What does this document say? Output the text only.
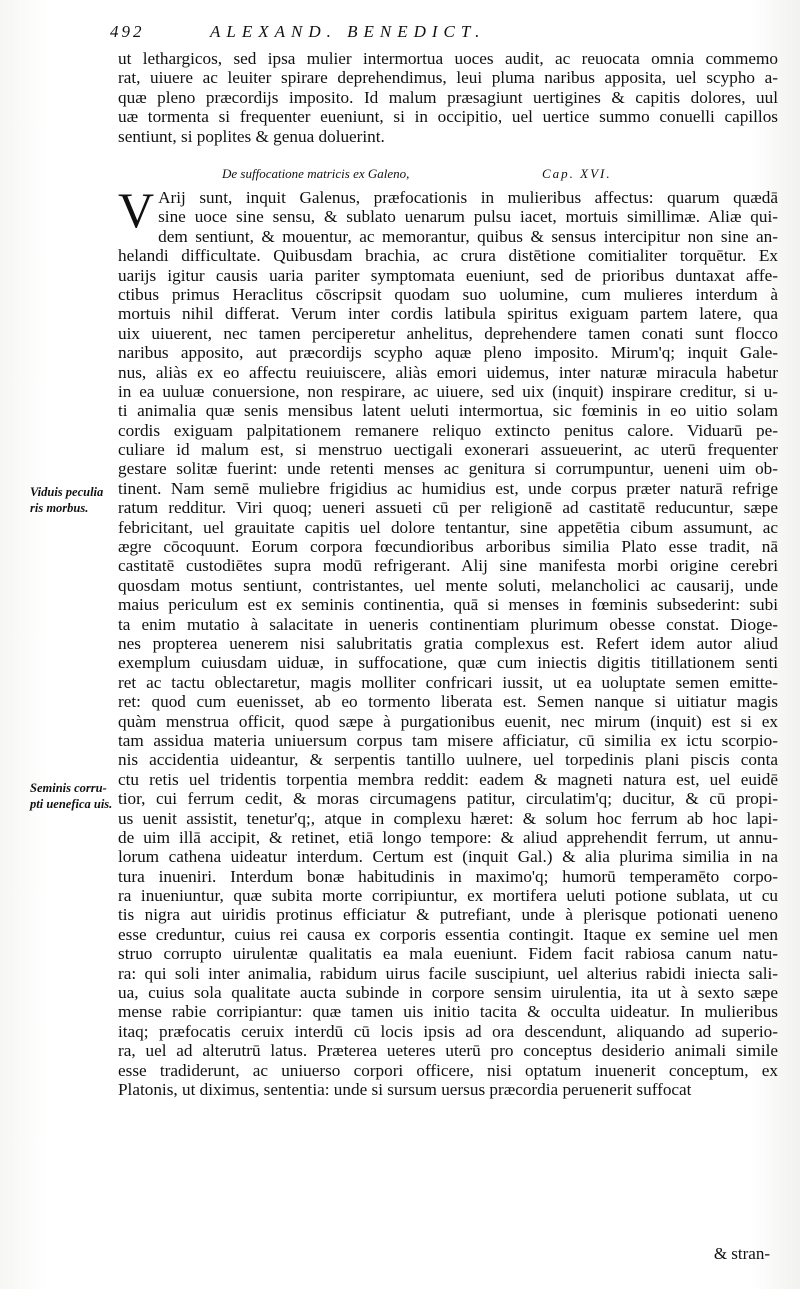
492	ALEXAND. BENEDICT.
ut lethargicos, sed ipsa mulier intermortua uoces audit, ac reuocata omnia commemo
rat, uiuere ac leuiter spirare deprehendimus, leui pluma naribus apposita, uel scypho a-
quæ pleno præcordijs imposito. Id malum præsagiunt uertigines & capitis dolores, uul
uæ tormenta si frequenter eueniunt, si in occipitio, uel uertice summo conuelli capillos
sentiunt, si poplites & genua doluerint.
De suffocatione matricis ex Galeno,	Cap. XVI.
V Arij sunt, inquit Galenus, præfocationis in mulieribus affectus: quarum quædā
sine uoce sine sensu, & sublato uenarum pulsu iacet, mortuis simillimæ. Aliæ qui-
dem sentiunt, & mouentur, ac memorantur, quibus & sensus intercipitur non sine an-
helandi difficultate. Quibusdam brachia, ac crura distētione comitialiter torquētur. Ex
uarijs igitur causis uaria pariter symptomata eueniunt, sed de prioribus duntaxat affe-
ctibus primus Heraclitus cōscripsit quodam suo uolumine, cum mulieres interdum à
mortuis nihil differat. Verum inter cordis latibula spiritus exiguam partem latere, qua
uix uiuerent, nec tamen perciperetur anhelitus, deprehendere tamen conati sunt flocco
naribus apposito, aut præcordijs scypho aquæ pleno imposito. Mirum'q; inquit Gale-
nus, aliàs ex eo affectu reuiuiscere, aliàs emori uidemus, inter naturæ miracula habetur
in ea uuluæ conuersione, non respirare, ac uiuere, sed uix (inquit) inspirare creditur, si u-
ti animalia quæ senis mensibus latent ueluti intermortua, sic fœminis in eo uitio solam
cordis exiguam palpitationem remanere reliquo extincto penitus calore. Viduarū pe-
culiare id malum est, si menstruo uectigali exonerari assueuerint, ac uterū frequenter
gestare solitæ fuerint: unde retenti menses ac genitura si corrumpuntur, ueneni uim ob-
tinent. Nam semē muliebre frigidius ac humidius est, unde corpus præter naturā refrige
ratum redditur. Viri quoq; ueneri assueti cū per religionē ad castitatē reducuntur, sæpe
febricitant, uel grauitate capitis uel dolore tentantur, sine appetētia cibum assumunt, ac
ægre cōcoquunt. Eorum corpora fœcundioribus arboribus similia Plato esse tradit, nā
castitatē custodiētes supra modū refrigerant. Alij sine manifesta morbi origine cerebri
quosdam motus sentiunt, contristantes, uel mente soluti, melancholici ac causarij, unde
maius periculum est ex seminis continentia, quā si menses in fœminis subsederint: subi
ta enim mutatio à salacitate in ueneris continentiam plurimum obesse constat. Dioge-
nes propterea uenerem nisi salubritatis gratia complexus est. Refert idem autor aliud
exemplum cuiusdam uiduæ, in suffocatione, quæ cum iniectis digitis titillationem senti
ret ac tactu oblectaretur, magis molliter confricari iussit, ut ea uoluptate semen emitte-
ret: quod cum euenisset, ab eo tormento liberata est. Semen nanque si uitiatur magis
quàm menstrua officit, quod sæpe à purgationibus euenit, nec mirum (inquit) est si ex
tam assidua materia uniuersum corpus tam misere afficiatur, cū similia ex ictu scorpio-
nis accidentia uideantur, & serpentis tantillo uulnere, uel torpedinis plani piscis conta
ctu retis uel tridentis torpentia membra reddit: eadem & magneti natura est, uel euidē
tior, cui ferrum cedit, & moras circumagens patitur, circulatim'q; ducitur, & cū propi-
us uenit assistit, tenetur'q;, atque in complexu hæret: & solum hoc ferrum ab hoc lapi-
de uim illā accipit, & retinet, etiā longo tempore: & aliud apprehendit ferrum, ut annu-
lorum cathena uideatur interdum. Certum est (inquit Gal.) & alia plurima similia in na
tura inueniri. Interdum bonæ habitudinis in maximo'q; humorū temperamēto corpo-
ra inueniuntur, quæ subita morte corripiuntur, ex mortifera ueluti potione sublata, ut cu
tis nigra aut uiridis protinus efficiatur & putrefiant, unde à plerisque potionati ueneno
esse creduntur, cuius rei causa ex corporis essentia contingit. Itaque ex semine uel men
struo corrupto uirulentæ qualitatis ea mala eueniunt. Fidem facit rabiosa canum natu-
ra: qui soli inter animalia, rabidum uirus facile suscipiunt, uel alterius rabidi iniecta sali-
ua, cuius sola qualitate aucta subinde in corpore sensim uirulentia, ita ut à sexto sæpe
mense rabie corripiantur: quæ tamen uis initio tacita & occulta uideatur. In mulieribus
itaq; præfocatis ceruix interdū cū locis ipsis ad ora descendunt, aliquando ad superio-
ra, uel ad alterutrū latus. Præterea ueteres uterū pro conceptus desiderio animali simile
esse tradiderunt, ac uniuerso corpori officere, nisi optatum inuenerit conceptum, ex
Platonis, ut diximus, sententia: unde si sursum uersus præcordia peruenerit suffocat
Viduis peculia
ris morbus.
Seminis corru-
pti uenefica uis.
& stran-
